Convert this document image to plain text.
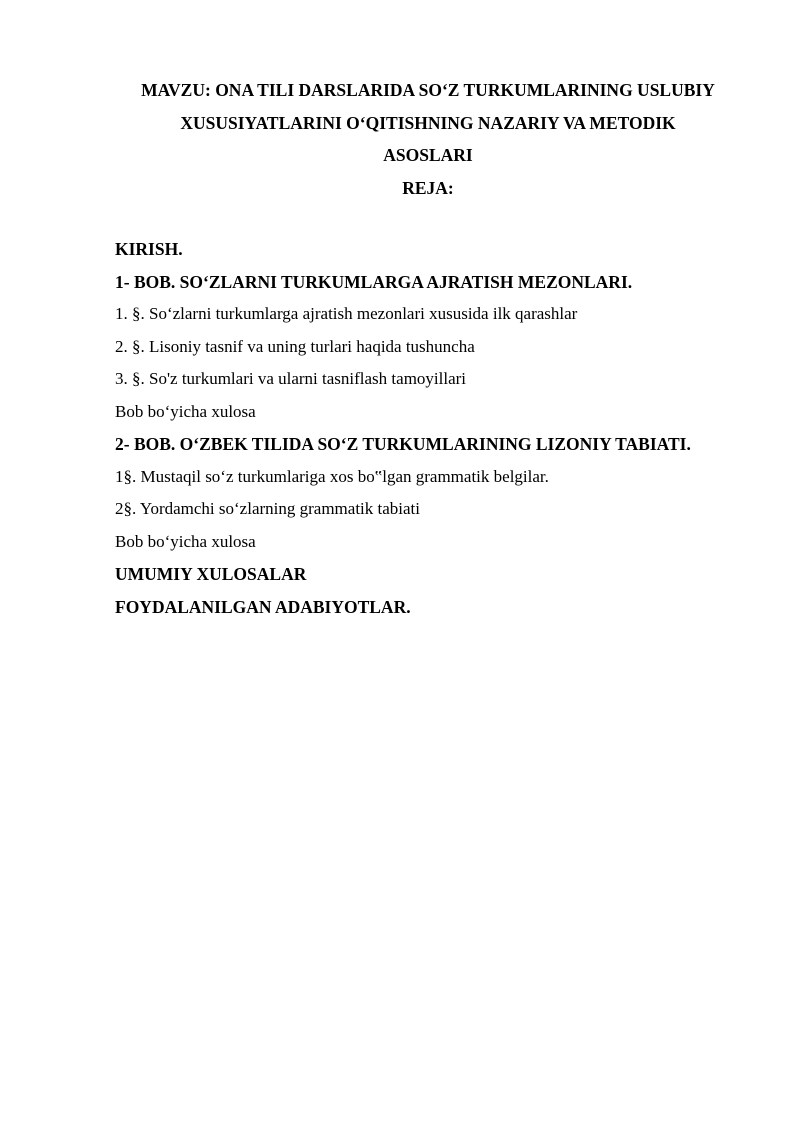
MAVZU: ONA TILI DARSLARIDA SO‘Z TURKUMLARINING USLUBIY
XUSUSIYATLARINI O‘QITISHNING NAZARIY VA METODIK
ASOSLARI
REJA:
KIRISH.
1- BOB. SO‘ZLARNI TURKUMLARGA AJRATISH MEZONLARI.
1. §. So‘zlarni turkumlarga ajratish mezonlari xususida ilk qarashlar
2. §. Lisoniy tasnif va uning turlari haqida tushuncha
3. §. So'z turkumlari va ularni tasniflash tamoyillari
Bob bo‘yicha xulosa
2- BOB. O‘ZBEK TILIDA SO‘Z TURKUMLARINING LIZONIY TABIATI.
1§. Mustaqil so‘z turkumlariga xos bo‟lgan grammatik belgilar.
2§. Yordamchi so‘zlarning grammatik tabiati
Bob bo‘yicha xulosa
UMUMIY XULOSALAR
FOYDALANILGAN ADABIYOTLAR.
